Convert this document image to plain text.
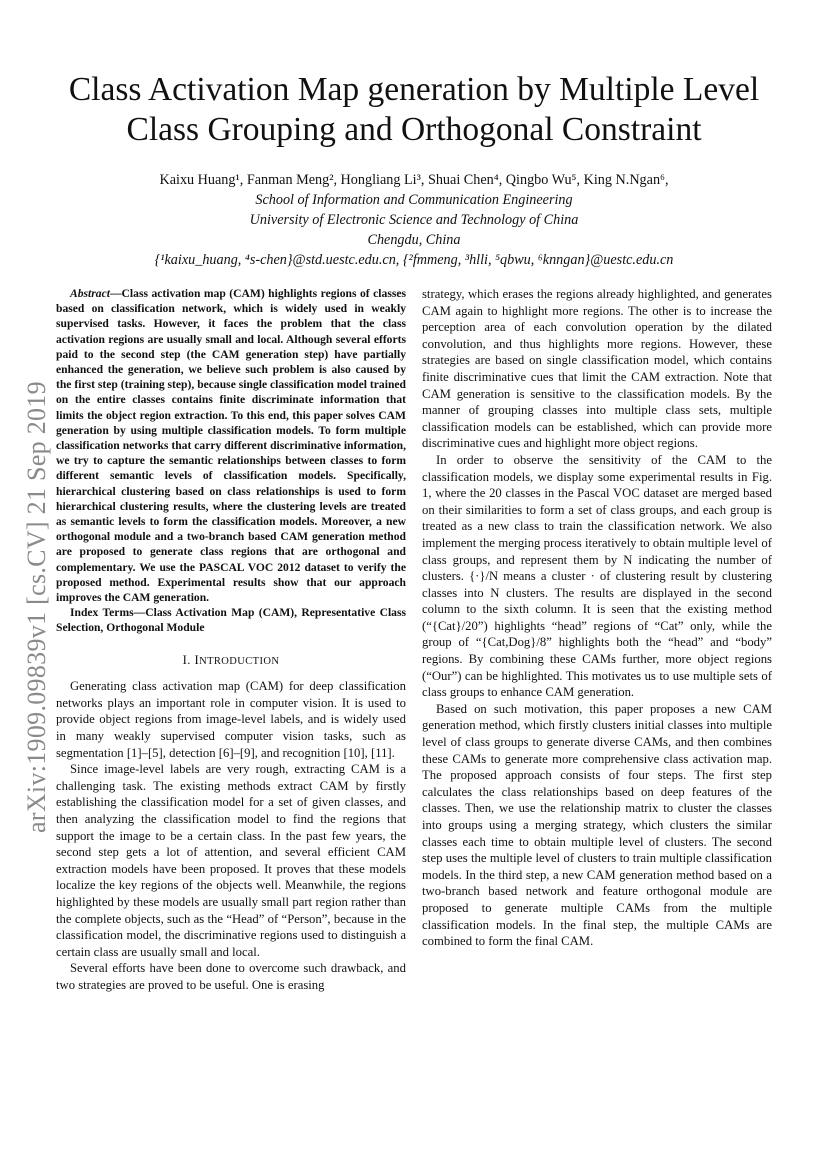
arXiv:1909.09839v1 [cs.CV] 21 Sep 2019
Class Activation Map generation by Multiple Level
Class Grouping and Orthogonal Constraint
Kaixu Huang¹, Fanman Meng², Hongliang Li³, Shuai Chen⁴, Qingbo Wu⁵, King N.Ngan⁶,
School of Information and Communication Engineering
University of Electronic Science and Technology of China
Chengdu, China
{¹kaixu_huang, ⁴s-chen}@std.uestc.edu.cn, {²fmmeng, ³hlli, ⁵qbwu, ⁶knngan}@uestc.edu.cn

Abstract—Class activation map (CAM) highlights regions of classes based on classification network, which is widely used in weakly supervised tasks. However, it faces the problem that the class activation regions are usually small and local. Although several efforts paid to the second step (the CAM generation step) have partially enhanced the generation, we believe such problem is also caused by the first step (training step), because single classification model trained on the entire classes contains finite discriminate information that limits the object region extraction. To this end, this paper solves CAM generation by using multiple classification models. To form multiple classification networks that carry different discriminative information, we try to capture the semantic relationships between classes to form different semantic levels of classification models. Specifically, hierarchical clustering based on class relationships is used to form hierarchical clustering results, where the clustering levels are treated as semantic levels to form the classification models. Moreover, a new orthogonal module and a two-branch based CAM generation method are proposed to generate class regions that are orthogonal and complementary. We use the PASCAL VOC 2012 dataset to verify the proposed method. Experimental results show that our approach improves the CAM generation.

Index Terms—Class Activation Map (CAM), Representative Class Selection, Orthogonal Module

I. INTRODUCTION

Generating class activation map (CAM) for deep classification networks plays an important role in computer vision. It is used to provide object regions from image-level labels, and is widely used in many weakly supervised computer vision tasks, such as segmentation [1]–[5], detection [6]–[9], and recognition [10], [11].

Since image-level labels are very rough, extracting CAM is a challenging task. The existing methods extract CAM by firstly establishing the classification model for a set of given classes, and then analyzing the classification model to find the regions that support the image to be a certain class. In the past few years, the second step gets a lot of attention, and several efficient CAM extraction models have been proposed. It proves that these models localize the key regions of the objects well. Meanwhile, the regions highlighted by these models are usually small part region rather than the complete objects, such as the “Head” of “Person”, because in the classification model, the discriminative regions used to distinguish a certain class are usually small and local.

Several efforts have been done to overcome such drawback, and two strategies are proved to be useful. One is erasing

strategy, which erases the regions already highlighted, and generates CAM again to highlight more regions. The other is to increase the perception area of each convolution operation by the dilated convolution, and thus highlights more regions. However, these strategies are based on single classification model, which contains finite discriminative cues that limit the CAM extraction. Note that CAM generation is sensitive to the classification models. By the manner of grouping classes into multiple class sets, multiple classification models can be established, which can provide more discriminative cues and highlight more object regions.

In order to observe the sensitivity of the CAM to the classification models, we display some experimental results in Fig. 1, where the 20 classes in the Pascal VOC dataset are merged based on their similarities to form a set of class groups, and each group is treated as a new class to train the classification network. We also implement the merging process iteratively to obtain multiple level of class groups, and represent them by N indicating the number of clusters. {·}/N means a cluster · of clustering result by clustering classes into N clusters. The results are displayed in the second column to the sixth column. It is seen that the existing method (“{Cat}/20”) highlights “head” regions of “Cat” only, while the group of “{Cat,Dog}/8” highlights both the “head” and “body” regions. By combining these CAMs further, more object regions (“Our”) can be highlighted. This motivates us to use multiple sets of class groups to enhance CAM generation.

Based on such motivation, this paper proposes a new CAM generation method, which firstly clusters initial classes into multiple level of class groups to generate diverse CAMs, and then combines these CAMs to generate more comprehensive class activation map. The proposed approach consists of four steps. The first step calculates the class relationships based on deep features of the classes. Then, we use the relationship matrix to cluster the classes into groups using a merging strategy, which clusters the similar classes each time to obtain multiple level of clusters. The second step uses the multiple level of clusters to train multiple classification models. In the third step, a new CAM generation method based on a two-branch based network and feature orthogonal module are proposed to generate multiple CAMs from the multiple classification models. In the final step, the multiple CAMs are combined to form the final CAM.
